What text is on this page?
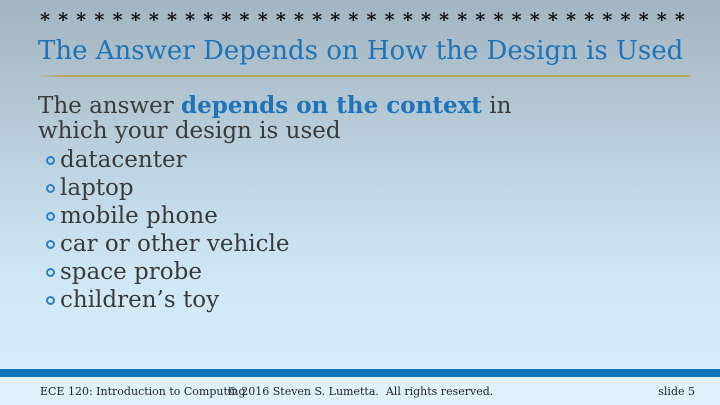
* * * * * * * * * * * * * * * * * * * * * * * * * * * * * * * * * * * *
The Answer Depends on How the Design is Used
The answer depends on the context in
which your design is used
datacenter
laptop
mobile phone
car or other vehicle
space probe
children’s toy
ECE 120: Introduction to Computing
© 2016 Steven S. Lumetta.  All rights reserved.	slide 5
